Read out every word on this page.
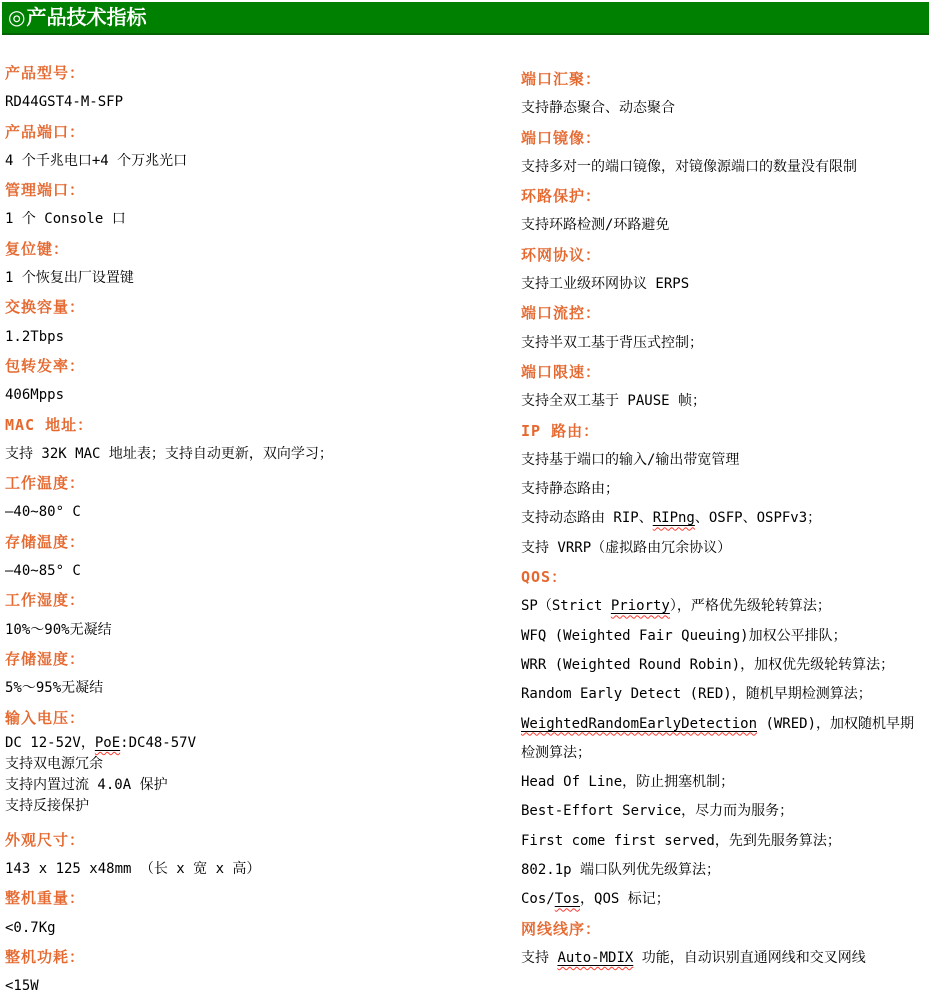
◎产品技术指标
产品型号：
RD44GST4-M-SFP
产品端口：
4 个千兆电口+4 个万兆光口
管理端口：
1 个 Console 口
复位键：
1 个恢复出厂设置键
交换容量：
1.2Tbps
包转发率：
406Mpps
MAC 地址：
支持 32K MAC 地址表；支持自动更新，双向学习；
工作温度：
—40~80° C
存储温度：
—40~85° C
工作湿度：
10%～90%无凝结
存储湿度：
5%～95%无凝结
输入电压：
DC 12-52V，PoE:DC48-57V
支持双电源冗余
支持内置过流 4.0A 保护
支持反接保护
外观尺寸：
143 x 125 x48mm （长 x 宽 x 高）
整机重量：
<0.7Kg
整机功耗：
<15W
端口汇聚：
支持静态聚合、动态聚合
端口镜像：
支持多对一的端口镜像，对镜像源端口的数量没有限制
环路保护：
支持环路检测/环路避免
环网协议：
支持工业级环网协议 ERPS
端口流控：
支持半双工基于背压式控制；
端口限速：
支持全双工基于 PAUSE 帧；
IP 路由：
支持基于端口的输入/输出带宽管理
支持静态路由；
支持动态路由 RIP、RIPng、OSFP、OSPFv3；
支持 VRRP（虚拟路由冗余协议）
QOS：
SP（Strict Priorty），严格优先级轮转算法；
WFQ (Weighted Fair Queuing)加权公平排队；
WRR (Weighted Round Robin)，加权优先级轮转算法；
Random Early Detect (RED)，随机早期检测算法；
WeightedRandomEarlyDetection (WRED)，加权随机早期检测算法；
Head Of Line，防止拥塞机制；
Best-Effort Service，尽力而为服务；
First come first served，先到先服务算法；
802.1p 端口队列优先级算法；
Cos/Tos，QOS 标记；
网线线序：
支持 Auto-MDIX 功能，自动识别直通网线和交叉网线
